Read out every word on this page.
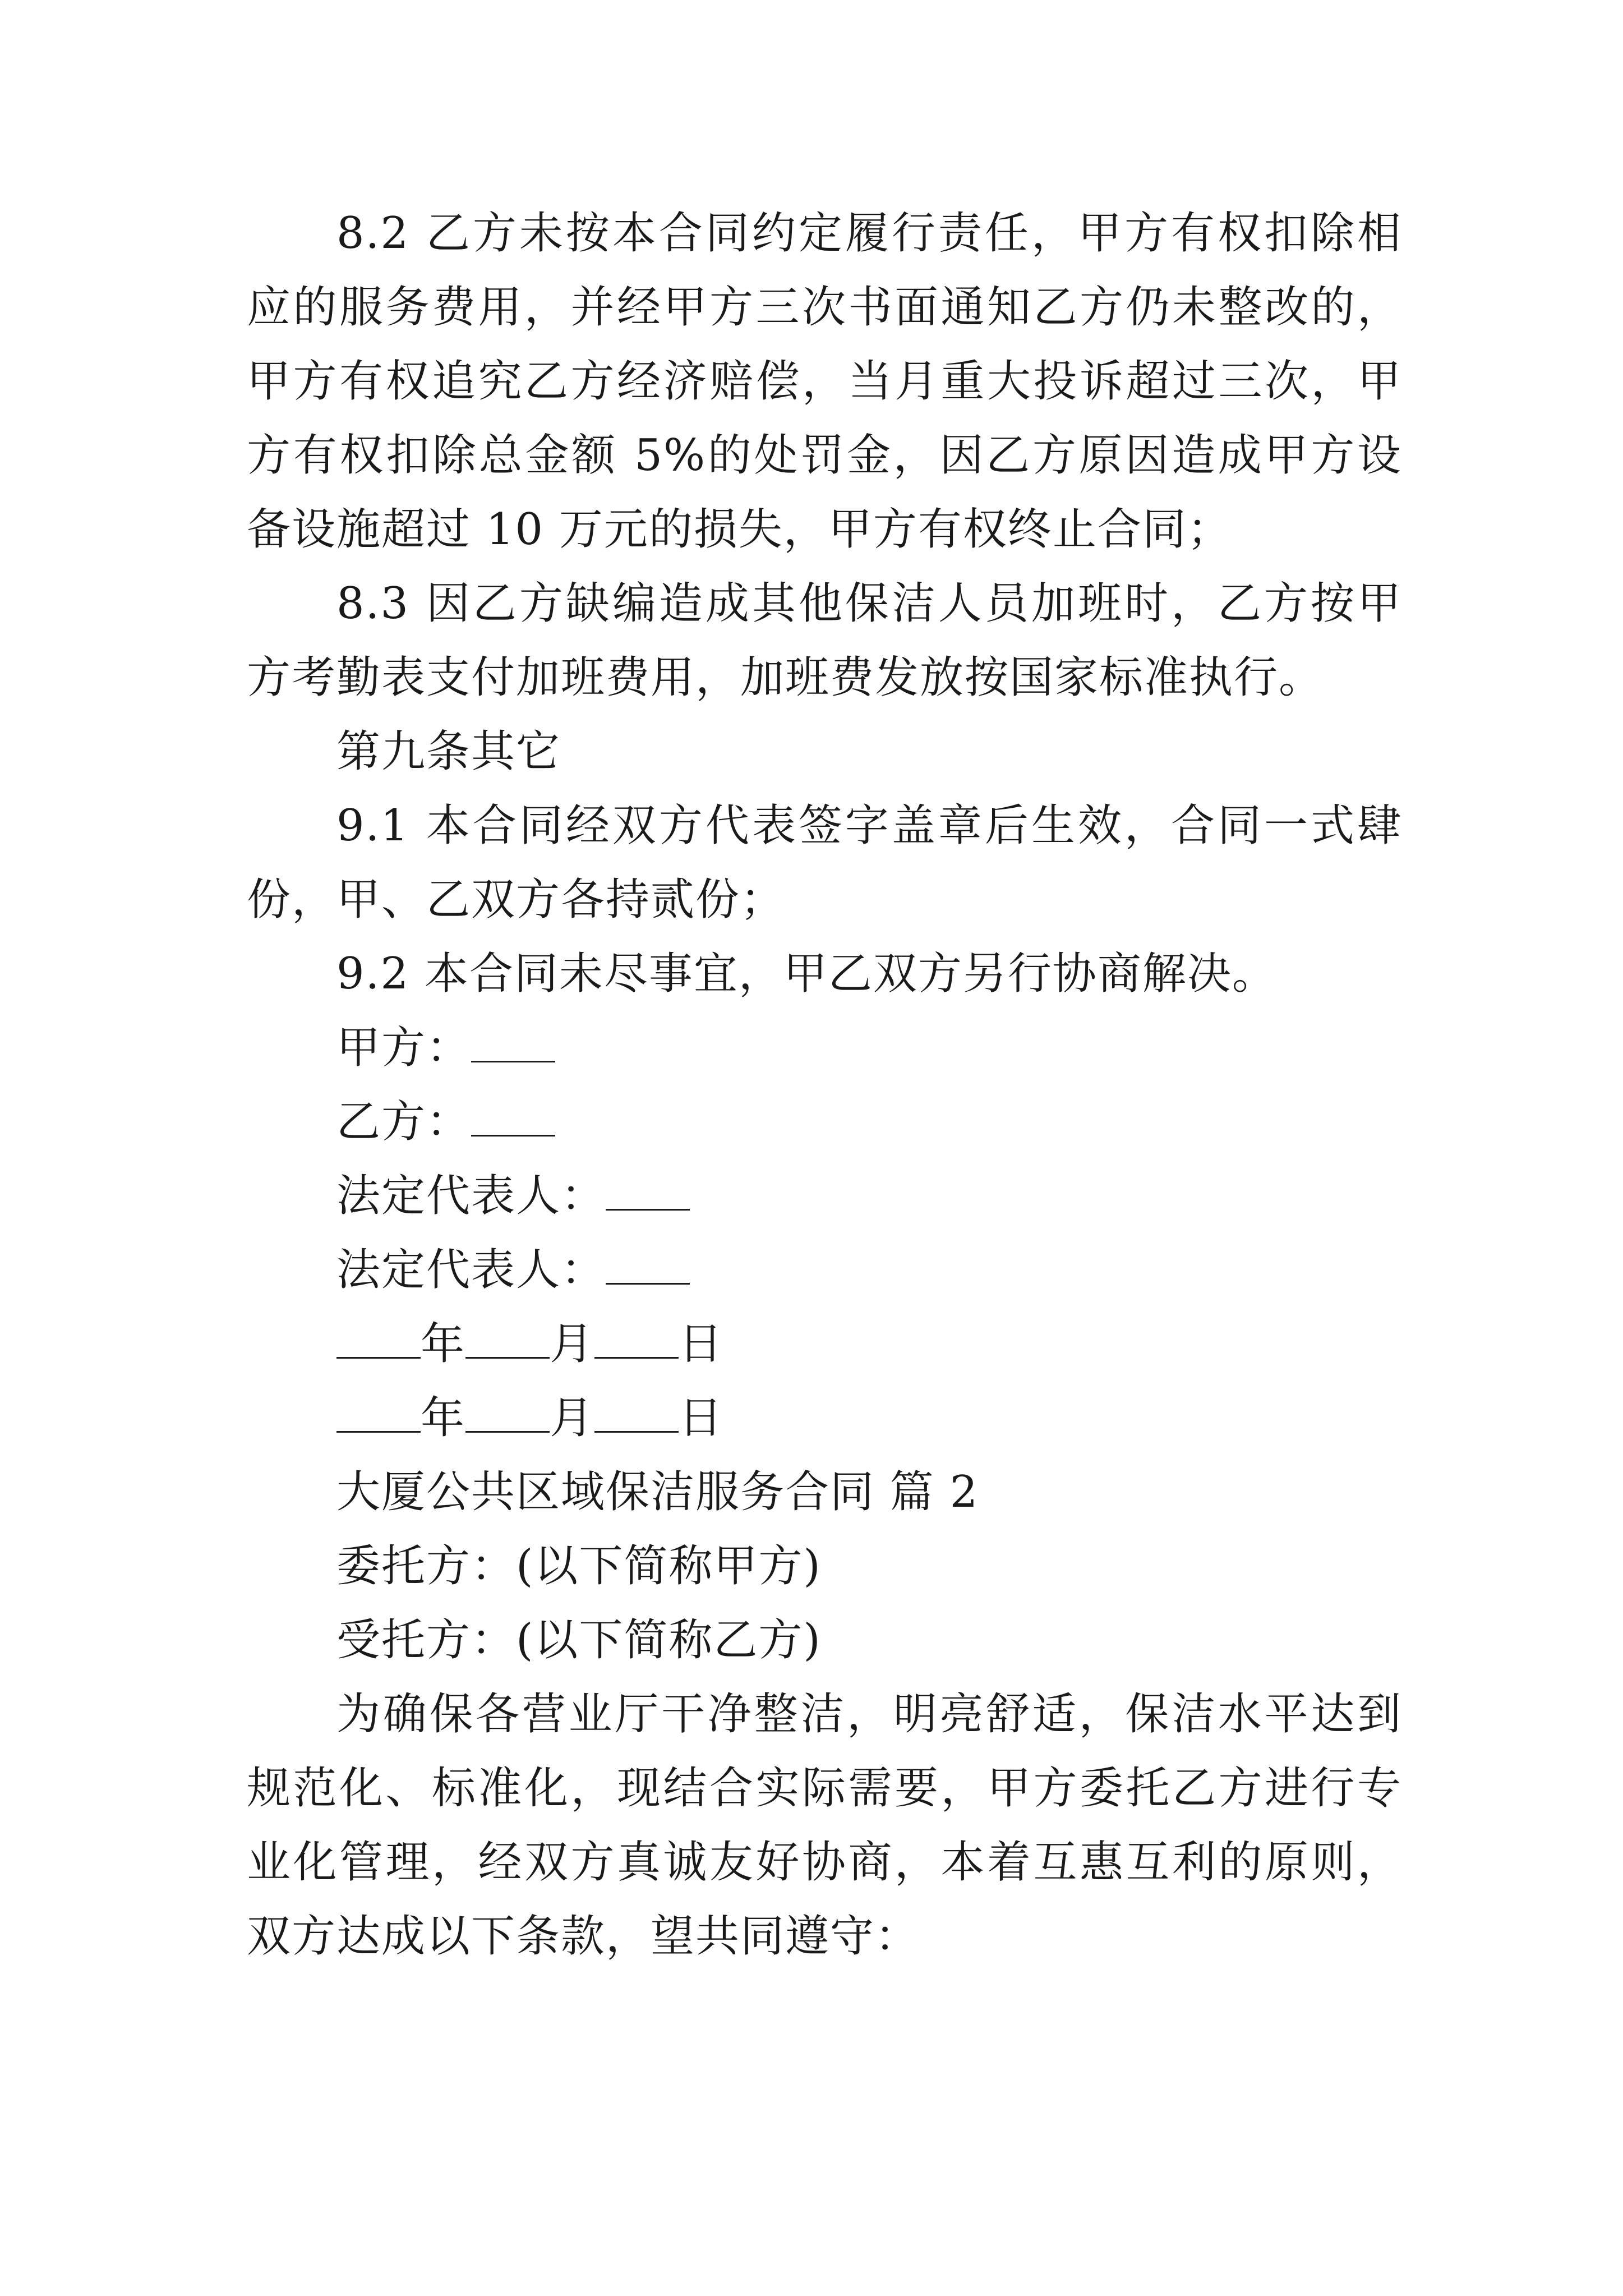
8.2 乙方未按本合同约定履行责任，甲方有权扣除相应的服务费用，并经甲方三次书面通知乙方仍未整改的，甲方有权追究乙方经济赔偿，当月重大投诉超过三次，甲方有权扣除总金额 5%的处罚金，因乙方原因造成甲方设备设施超过 10 万元的损失，甲方有权终止合同；

8.3 因乙方缺编造成其他保洁人员加班时，乙方按甲方考勤表支付加班费用，加班费发放按国家标准执行。

第九条其它

9.1 本合同经双方代表签字盖章后生效，合同一式肆份，甲、乙双方各持贰份；

9.2 本合同未尽事宜，甲乙双方另行协商解决。

甲方：

乙方：

法定代表人：

法定代表人：

年 月 日

年 月 日

大厦公共区域保洁服务合同 篇 2

委托方：(以下简称甲方)

受托方：(以下简称乙方)

为确保各营业厅干净整洁，明亮舒适，保洁水平达到规范化、标准化，现结合实际需要，甲方委托乙方进行专业化管理，经双方真诚友好协商，本着互惠互利的原则，双方达成以下条款，望共同遵守：
